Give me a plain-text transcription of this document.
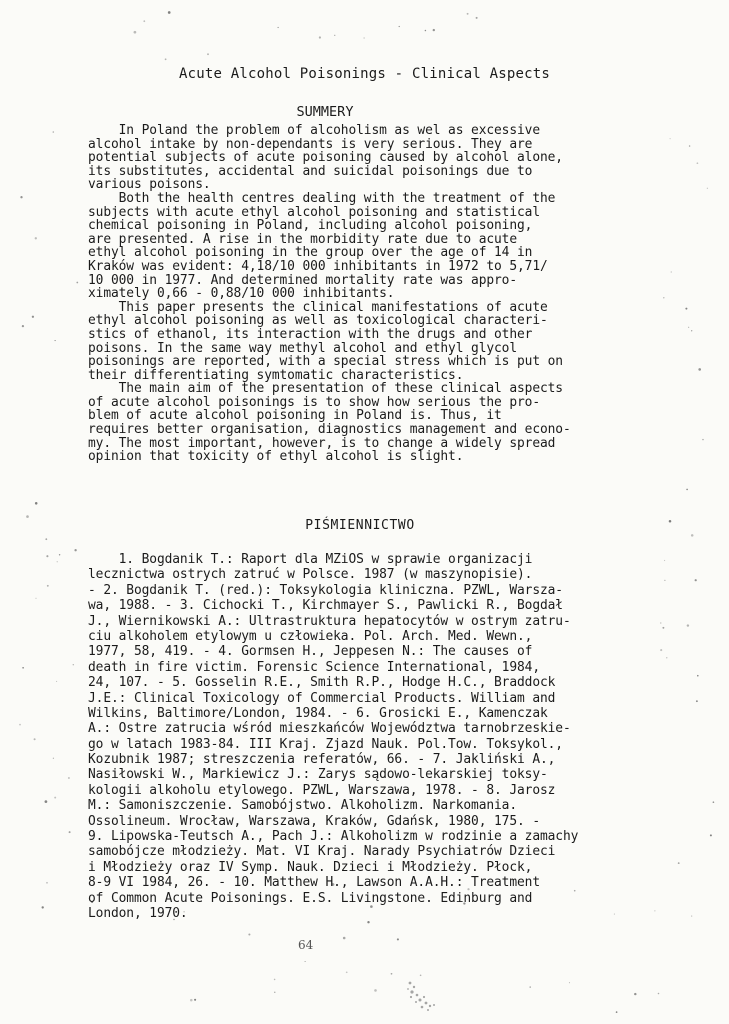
Acute Alcohol Poisonings - Clinical Aspects
SUMMERY
In Poland the problem of alcoholism as wel as excessive
alcohol intake by non-dependants is very serious. They are
potential subjects of acute poisoning caused by alcohol alone,
its substitutes, accidental and suicidal poisonings due to
various poisons.
Both the health centres dealing with the treatment of the
subjects with acute ethyl alcohol poisoning and statistical
chemical poisoning in Poland, including alcohol poisoning,
are presented. A rise in the morbidity rate due to acute
ethyl alcohol poisoning in the group over the age of 14 in
Kraków was evident: 4,18/10 000 inhibitants in 1972 to 5,71/
10 000 in 1977. And determined mortality rate was appro-
ximately 0,66 - 0,88/10 000 inhibitants.
This paper presents the clinical manifestations of acute
ethyl alcohol poisoning as well as toxicological characteri-
stics of ethanol, its interaction with the drugs and other
poisons. In the same way methyl alcohol and ethyl glycol
poisonings are reported, with a special stress which is put on
their differentiating symtomatic characteristics.
The main aim of the presentation of these clinical aspects
of acute alcohol poisonings is to show how serious the pro-
blem of acute alcohol poisoning in Poland is. Thus, it
requires better organisation, diagnostics management and econo-
my. The most important, however, is to change a widely spread
opinion that toxicity of ethyl alcohol is slight.
PIŚMIENNICTWO
1. Bogdanik T.: Raport dla MZiOS w sprawie organizacji
lecznictwa ostrych zatruć w Polsce. 1987 (w maszynopisie).
- 2. Bogdanik T. (red.): Toksykologia kliniczna. PZWL, Warsza-
wa, 1988. - 3. Cichocki T., Kirchmayer S., Pawlicki R., Bogdał
J., Wiernikowski A.: Ultrastruktura hepatocytów w ostrym zatru-
ciu alkoholem etylowym u człowieka. Pol. Arch. Med. Wewn.,
1977, 58, 419. - 4. Gormsen H., Jeppesen N.: The causes of
death in fire victim. Forensic Science International, 1984,
24, 107. - 5. Gosselin R.E., Smith R.P., Hodge H.C., Braddock
J.E.: Clinical Toxicology of Commercial Products. William and
Wilkins, Baltimore/London, 1984. - 6. Grosicki E., Kamenczak
A.: Ostre zatrucia wśród mieszkańców Województwa tarnobrzeskie-
go w latach 1983-84. III Kraj. Zjazd Nauk. Pol.Tow. Toksykol.,
Kozubnik 1987; streszczenia referatów, 66. - 7. Jakliński A.,
Nasiłowski W., Markiewicz J.: Zarys sądowo-lekarskiej toksy-
kologii alkoholu etylowego. PZWL, Warszawa, 1978. - 8. Jarosz
M.: Samoniszczenie. Samobójstwo. Alkoholizm. Narkomania.
Ossolineum. Wrocław, Warszawa, Kraków, Gdańsk, 1980, 175. -
9. Lipowska-Teutsch A., Pach J.: Alkoholizm w rodzinie a zamachy
samobójcze młodzieży. Mat. VI Kraj. Narady Psychiatrów Dzieci
i Młodzieży oraz IV Symp. Nauk. Dzieci i Młodzieży. Płock,
8-9 VI 1984, 26. - 10. Matthew H., Lawson A.A.H.: Treatment
of Common Acute Poisonings. E.S. Livingstone. Edinburg and
London, 1970.
64
